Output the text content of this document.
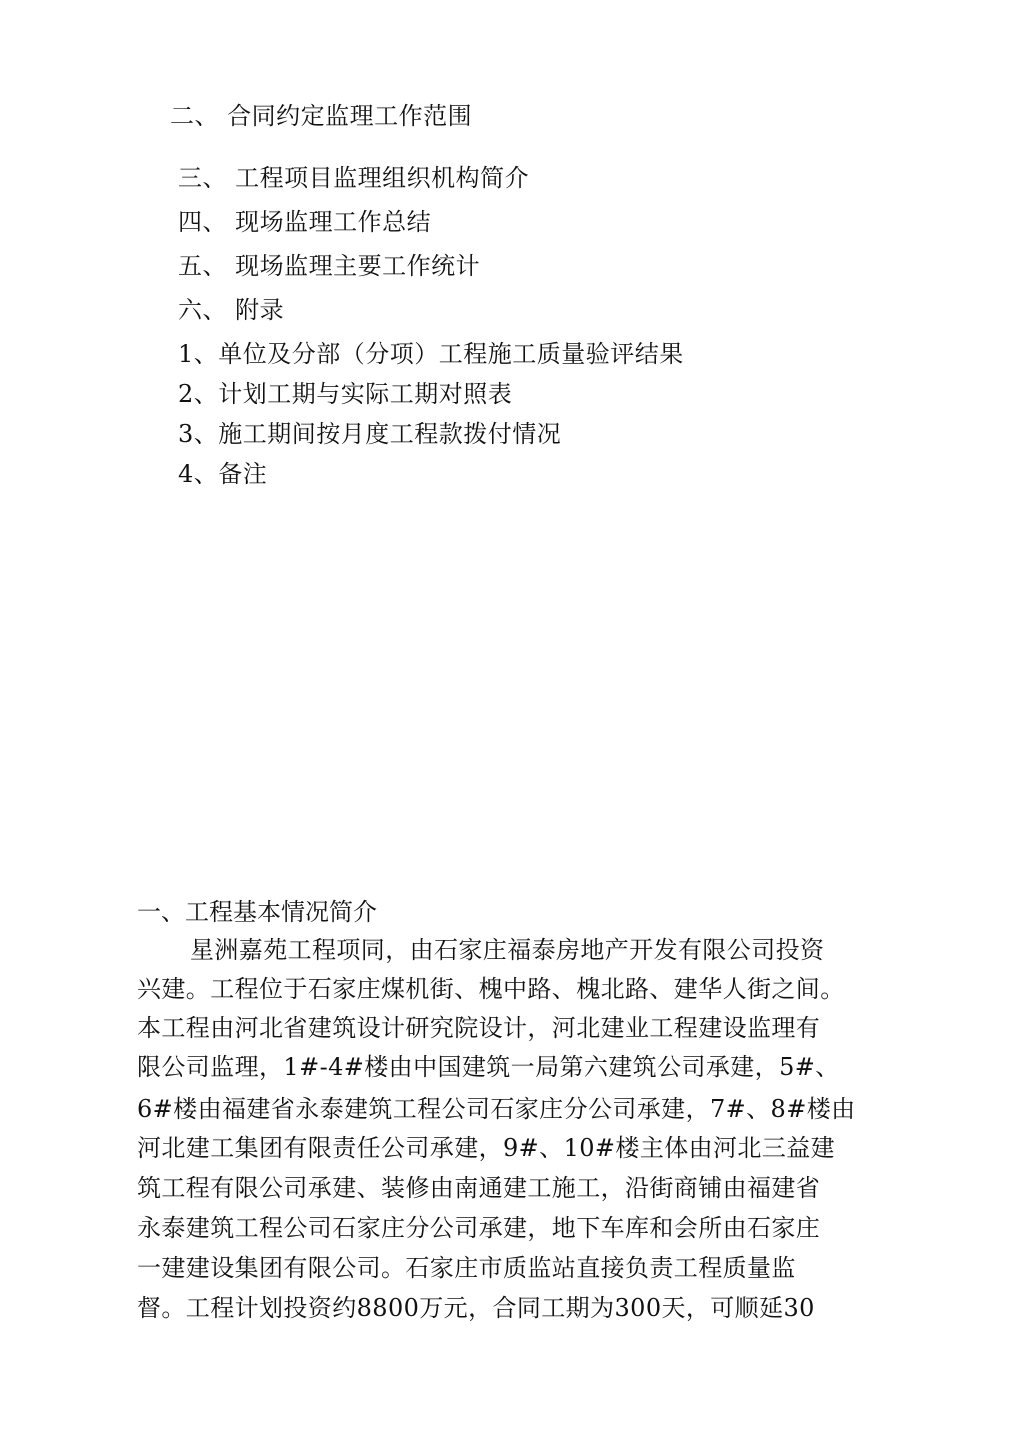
二、 合同约定监理工作范围
三、 工程项目监理组织机构简介
四、 现场监理工作总结
五、 现场监理主要工作统计
六、 附录
1、单位及分部（分项）工程施工质量验评结果
2、计划工期与实际工期对照表
3、施工期间按月度工程款拨付情况
4、备注
一、工程基本情况简介
星洲嘉苑工程项同，由石家庄福泰房地产开发有限公司投资
兴建。工程位于石家庄煤机街、槐中路、槐北路、建华人街之间。
本工程由河北省建筑设计研究院设计，河北建业工程建设监理有
限公司监理，1#-4#楼由中国建筑一局第六建筑公司承建，5#、
6#楼由福建省永泰建筑工程公司石家庄分公司承建，7#、8#楼由
河北建工集团有限责任公司承建，9#、10#楼主体由河北三益建
筑工程有限公司承建、装修由南通建工施工，沿街商铺由福建省
永泰建筑工程公司石家庄分公司承建，地下车库和会所由石家庄
一建建设集团有限公司。石家庄市质监站直接负责工程质量监
督。工程计划投资约8800万元，合同工期为300天，可顺延30
